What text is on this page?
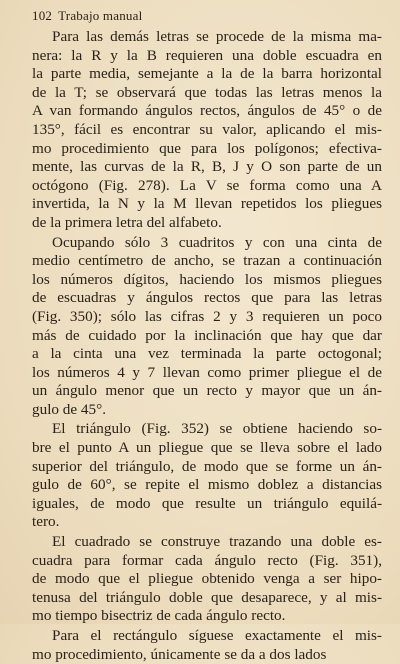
102 Trabajo manual
Para las demás letras se procede de la misma ma-
nera: la R y la B requieren una doble escuadra en
la parte media, semejante a la de la barra horizontal
de la T; se observará que todas las letras menos la
A van formando ángulos rectos, ángulos de 45° o de
135°, fácil es encontrar su valor, aplicando el mis-
mo procedimiento que para los polígonos; efectiva-
mente, las curvas de la R, B, J y O son parte de un
octógono (Fig. 278). La V se forma como una A
invertida, la N y la M llevan repetidos los pliegues
de la primera letra del alfabeto.
Ocupando sólo 3 cuadritos y con una cinta de
medio centímetro de ancho, se trazan a continuación
los números dígitos, haciendo los mismos pliegues
de escuadras y ángulos rectos que para las letras
(Fig. 350); sólo las cifras 2 y 3 requieren un poco
más de cuidado por la inclinación que hay que dar
a la cinta una vez terminada la parte octogonal;
los números 4 y 7 llevan como primer pliegue el de
un ángulo menor que un recto y mayor que un án-
gulo de 45°.
El triángulo (Fig. 352) se obtiene haciendo so-
bre el punto A un pliegue que se lleva sobre el lado
superior del triángulo, de modo que se forme un án-
gulo de 60°, se repite el mismo doblez a distancias
iguales, de modo que resulte un triángulo equilá-
tero.
El cuadrado se construye trazando una doble es-
cuadra para formar cada ángulo recto (Fig. 351),
de modo que el pliegue obtenido venga a ser hipo-
tenusa del triángulo doble que desaparece, y al mis-
mo tiempo bisectriz de cada ángulo recto.
Para el rectángulo síguese exactamente el mis-
mo procedimiento, únicamente se da a dos lados
